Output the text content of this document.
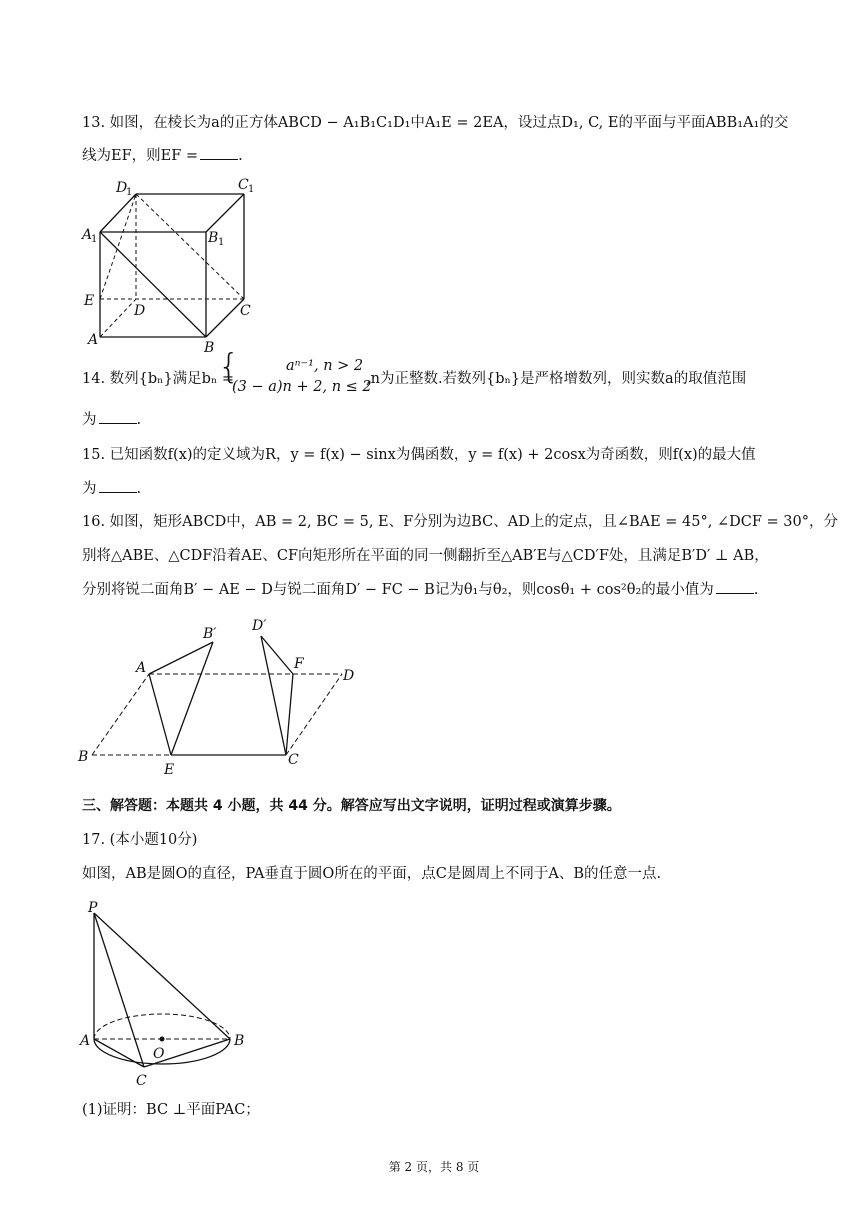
13. 如图，在棱长为a的正方体ABCD − A₁B₁C₁D₁中A₁E = 2EA，设过点D₁, C, E的平面与平面ABB₁A₁的交
线为EF，则EF =	.
D
1	C 1
A
1	B 1
E
D	C
A	B
14. 数列{bₙ}满足bₙ =
{	aⁿ⁻¹, n > 2
(3 − a)n + 2, n ≤ 2
,n为正整数.若数列{bₙ}是严格增数列，则实数a的取值范围
为	.
15. 已知函数f(x)的定义域为R，y = f(x) − sinx为偶函数，y = f(x) + 2cosx为奇函数，则f(x)的最大值
为	.
16. 如图，矩形ABCD中，AB = 2, BC = 5, E、F分别为边BC、AD上的定点，且∠BAE = 45°, ∠DCF = 30°，分
别将△ABE、△CDF沿着AE、CF向矩形所在平面的同一侧翻折至△AB′E与△CD′F处，且满足B′D′ ⊥ AB，
分别将锐二面角B′ − AE − D与锐二面角D′ − FC − B记为θ₁与θ₂，则cosθ₁ + cos²θ₂的最小值为	.
B′	D′
A	F
D
B
E
C
三、解答题：本题共 4 小题，共 44 分。解答应写出文字说明，证明过程或演算步骤。
17. (本小题10分)
如图，AB是圆O的直径，PA垂直于圆O所在的平面，点C是圆周上不同于A、B的任意一点.
P
A
O
B
C
(1)证明：BC ⊥平面PAC；
第 2 页，共 8 页
